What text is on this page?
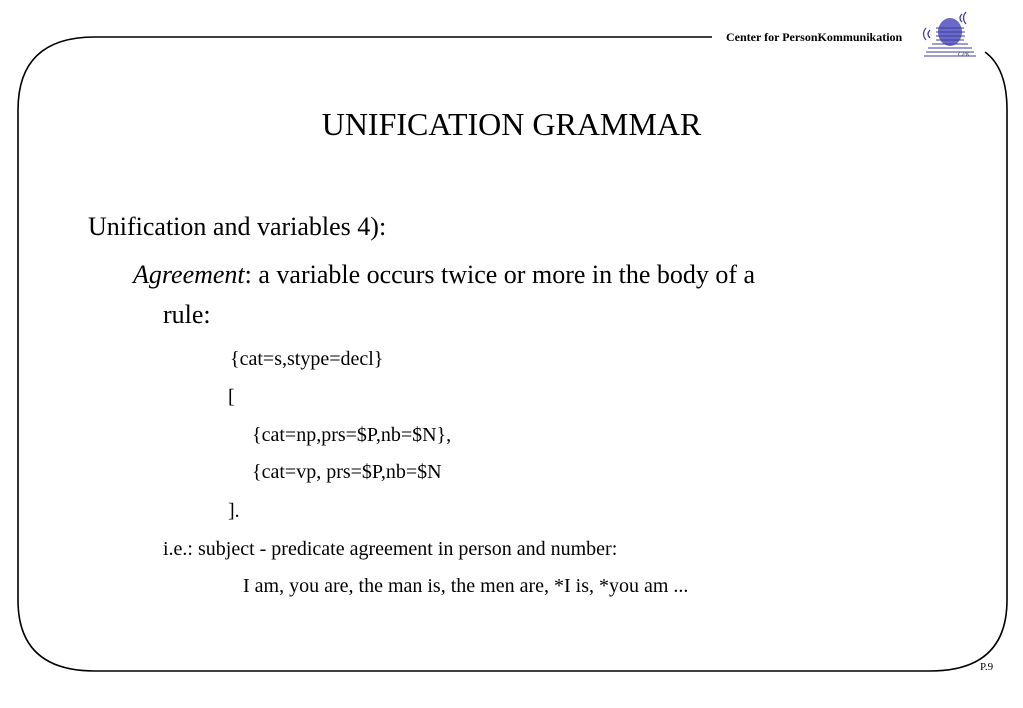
Center for PersonKommunikation
CPK
UNIFICATION GRAMMAR
Unification and variables 4):
Agreement: a variable occurs twice or more in the body of a
rule:
{cat=s,stype=decl}
[
{cat=np,prs=$P,nb=$N},
{cat=vp, prs=$P,nb=$N
].
i.e.: subject - predicate agreement in person and number:
I am, you are, the man is, the men are, *I is, *you am ...
P.9
